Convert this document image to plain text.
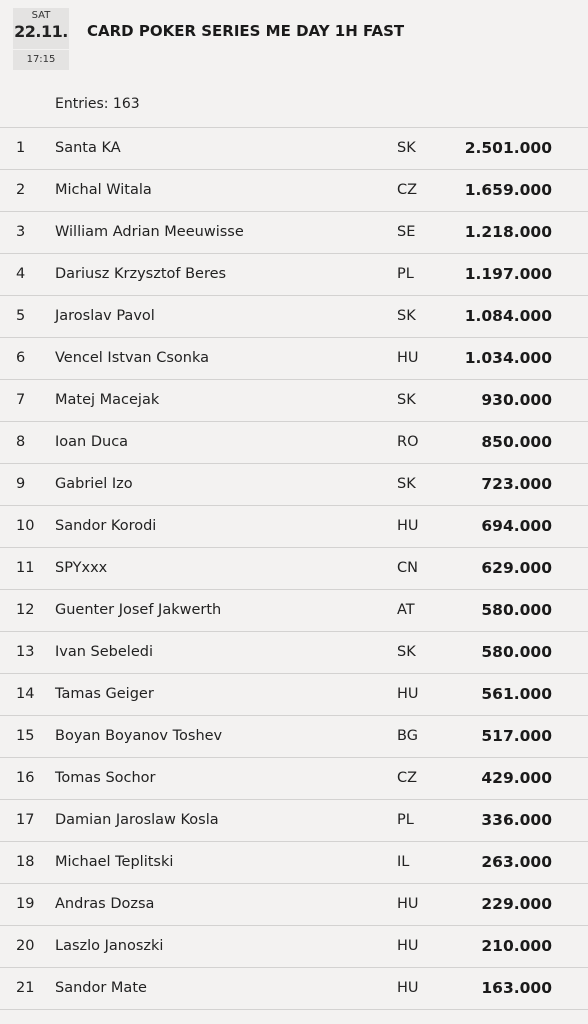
SAT
22.11.
17:15
CARD POKER SERIES ME DAY 1H FAST
Entries: 163
1 Santa KA	SK	2.501.000
2 Michal Witala	CZ	1.659.000
3 William Adrian Meeuwisse	SE	1.218.000
4 Dariusz Krzysztof Beres	PL	1.197.000
5 Jaroslav Pavol	SK	1.084.000
6 Vencel Istvan Csonka	HU	1.034.000
7 Matej Macejak	SK	930.000
8 Ioan Duca	RO	850.000
9 Gabriel Izo	SK	723.000
10 Sandor Korodi	HU	694.000
11 SPYxxx	CN	629.000
12 Guenter Josef Jakwerth	AT	580.000
13 Ivan Sebeledi	SK	580.000
14 Tamas Geiger	HU	561.000
15 Boyan Boyanov Toshev	BG	517.000
16 Tomas Sochor	CZ	429.000
17 Damian Jaroslaw Kosla	PL	336.000
18 Michael Teplitski	IL	263.000
19 Andras Dozsa	HU	229.000
20 Laszlo Janoszki	HU	210.000
21 Sandor Mate	HU	163.000
